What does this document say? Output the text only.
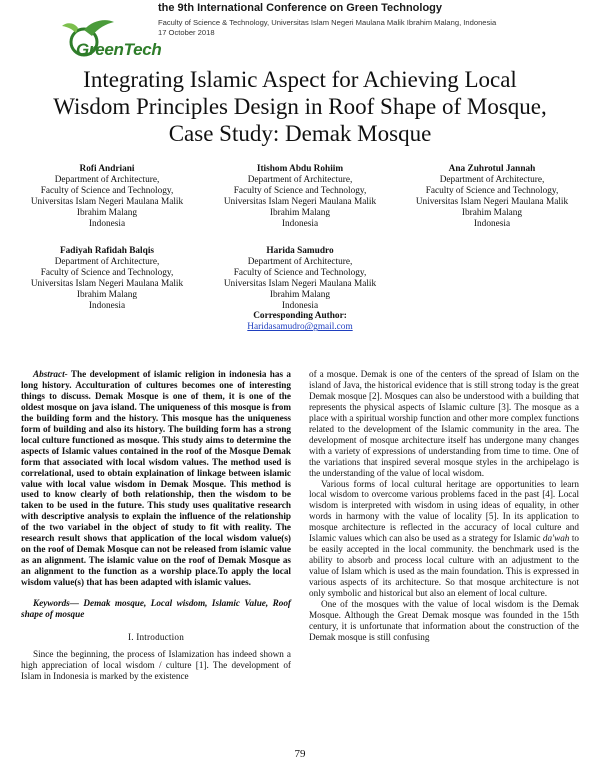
GreenTech
the 9th International Conference on Green Technology
Faculty of Science & Technology, Universitas Islam Negeri Maulana Malik Ibrahim Malang, Indonesia
17 October 2018
Integrating Islamic Aspect for Achieving Local
Wisdom Principles Design in Roof Shape of Mosque,
Case Study: Demak Mosque
Rofi Andriani
Department of Architecture,
Faculty of Science and Technology,
Universitas Islam Negeri Maulana Malik
Ibrahim Malang
Indonesia
Itishom Abdu Rohiim
Department of Architecture,
Faculty of Science and Technology,
Universitas Islam Negeri Maulana Malik
Ibrahim Malang
Indonesia
Ana Zuhrotul Jannah
Department of Architecture,
Faculty of Science and Technology,
Universitas Islam Negeri Maulana Malik
Ibrahim Malang
Indonesia
Fadiyah Rafidah Balqis
Department of Architecture,
Faculty of Science and Technology,
Universitas Islam Negeri Maulana Malik
Ibrahim Malang
Indonesia
Harida Samudro
Department of Architecture,
Faculty of Science and Technology,
Universitas Islam Negeri Maulana Malik
Ibrahim Malang
Indonesia
Corresponding Author:
Haridasamudro@gmail.com

Abstract- The development of islamic religion in indonesia has a long history. Acculturation of cultures becomes one of interesting things to discuss. Demak Mosque is one of them, it is one of the oldest mosque on java island. The uniqueness of this mosque is from the building form and the history. This mosque has the uniqueness form of building and also its history. The building form has a strong local culture functioned as mosque. This study aims to determine the aspects of Islamic values contained in the roof of the Mosque Demak form that associated with local wisdom values. The method used is correlational, used to obtain explaination of linkage between islamic value with local value wisdom in Demak Mosque. This method is used to know clearly of both relationship, then the wisdom to be taken to be used in the future. This study uses qualitative research with descriptive analysis to explain the influence of the relationship of the two variabel in the object of study to fit with reality. The research result shows that application of the local wisdom value(s) on the roof of Demak Mosque can not be released from islamic value as an alignment. The islamic value on the roof of Demak Mosque as an alignment to the function as a worship place.To apply the local wisdom value(s) that has been adapted with islamic values.

Keywords— Demak mosque, Local wisdom, Islamic Value, Roof shape of mosque

I. Introduction

Since the beginning, the process of Islamization has indeed shown a high appreciation of local wisdom / culture [1]. The development of Islam in Indonesia is marked by the existence

of a mosque. Demak is one of the centers of the spread of Islam on the island of Java, the historical evidence that is still strong today is the great Demak mosque [2]. Mosques can also be understood with a building that represents the physical aspects of Islamic culture [3]. The mosque as a place with a spiritual worship function and other more complex functions related to the development of the Islamic community in the area. The development of mosque architecture itself has undergone many changes with a variety of expressions of understanding from time to time. One of the variations that inspired several mosque styles in the archipelago is the understanding of the value of local wisdom.

Various forms of local cultural heritage are opportunities to learn local wisdom to overcome various problems faced in the past [4]. Local wisdom is interpreted with wisdom in using ideas of equality, in other words in harmony with the value of locality [5]. In its application to mosque architecture is reflected in the accuracy of local culture and Islamic values which can also be used as a strategy for Islamic da'wah to be easily accepted in the local community. the benchmark used is the ability to absorb and process local culture with an adjustment to the value of Islam which is used as the main foundation. This is expressed in various aspects of its architecture. So that mosque architecture is not only symbolic and historical but also an element of local culture.

One of the mosques with the value of local wisdom is the Demak Mosque. Although the Great Demak mosque was founded in the 15th century, it is unfortunate that information about the construction of the Demak mosque is still confusing

79
